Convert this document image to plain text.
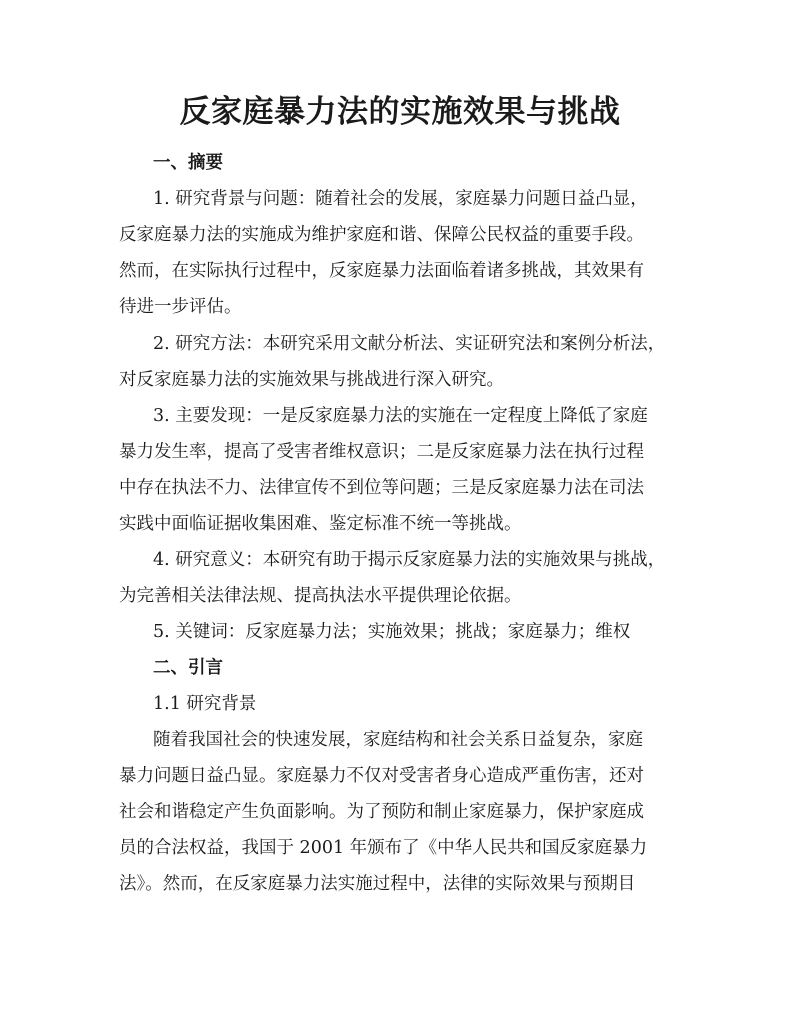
反家庭暴力法的实施效果与挑战
一、摘要
1. 研究背景与问题：随着社会的发展，家庭暴力问题日益凸显，
反家庭暴力法的实施成为维护家庭和谐、保障公民权益的重要手段。
然而，在实际执行过程中，反家庭暴力法面临着诸多挑战，其效果有
待进一步评估。
2. 研究方法：本研究采用文献分析法、实证研究法和案例分析法，
对反家庭暴力法的实施效果与挑战进行深入研究。
3. 主要发现：一是反家庭暴力法的实施在一定程度上降低了家庭
暴力发生率，提高了受害者维权意识；二是反家庭暴力法在执行过程
中存在执法不力、法律宣传不到位等问题；三是反家庭暴力法在司法
实践中面临证据收集困难、鉴定标准不统一等挑战。
4. 研究意义：本研究有助于揭示反家庭暴力法的实施效果与挑战，
为完善相关法律法规、提高执法水平提供理论依据。
5. 关键词：反家庭暴力法；实施效果；挑战；家庭暴力；维权
二、引言
1.1 研究背景
随着我国社会的快速发展，家庭结构和社会关系日益复杂，家庭
暴力问题日益凸显。家庭暴力不仅对受害者身心造成严重伤害，还对
社会和谐稳定产生负面影响。为了预防和制止家庭暴力，保护家庭成
员的合法权益，我国于 2001 年颁布了《中华人民共和国反家庭暴力
法》。然而，在反家庭暴力法实施过程中，法律的实际效果与预期目
